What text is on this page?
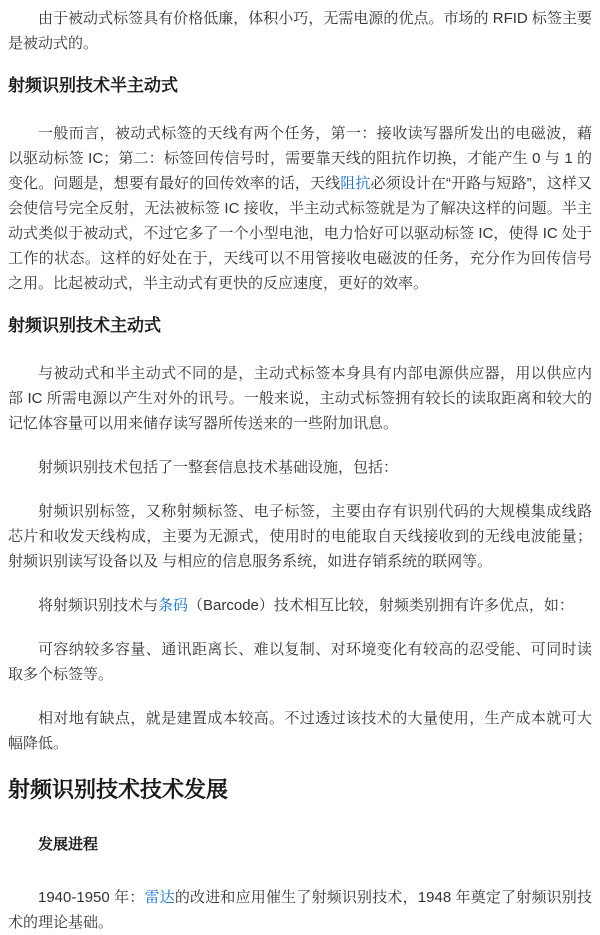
由于被动式标签具有价格低廉，体积小巧，无需电源的优点。市场的 RFID 标签主要是被动式的。

射频识别技术半主动式

一般而言，被动式标签的天线有两个任务，第一：接收读写器所发出的电磁波，藉以驱动标签 IC；第二：标签回传信号时，需要靠天线的阻抗作切换，才能产生 0 与 1 的变化。问题是，想要有最好的回传效率的话，天线阻抗必须设计在“开路与短路”，这样又会使信号完全反射，无法被标签 IC 接收，半主动式标签就是为了解决这样的问题。半主动式类似于被动式，不过它多了一个小型电池，电力恰好可以驱动标签 IC，使得 IC 处于工作的状态。这样的好处在于，天线可以不用管接收电磁波的任务，充分作为回传信号之用。比起被动式，半主动式有更快的反应速度，更好的效率。

射频识别技术主动式

与被动式和半主动式不同的是，主动式标签本身具有内部电源供应器，用以供应内部 IC 所需电源以产生对外的讯号。一般来说，主动式标签拥有较长的读取距离和较大的记忆体容量可以用来储存读写器所传送来的一些附加讯息。

射频识别技术包括了一整套信息技术基础设施，包括：

射频识别标签，又称射频标签、电子标签，主要由存有识别代码的大规模集成线路芯片和收发天线构成，主要为无源式，使用时的电能取自天线接收到的无线电波能量；射频识别读写设备以及 与相应的信息服务系统，如进存销系统的联网等。

将射频识别技术与条码（Barcode）技术相互比较，射频类别拥有许多优点，如：

可容纳较多容量、通讯距离长、难以复制、对环境变化有较高的忍受能、可同时读取多个标签等。

相对地有缺点，就是建置成本较高。不过透过该技术的大量使用，生产成本就可大幅降低。

射频识别技术技术发展
发展进程

1940-1950 年：雷达的改进和应用催生了射频识别技术，1948 年奠定了射频识别技术的理论基础。
